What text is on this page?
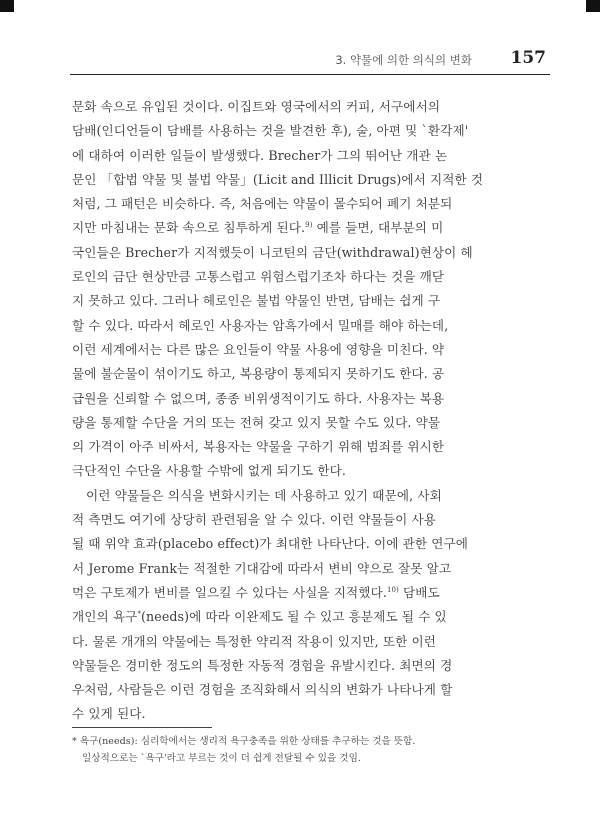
3. 약물에 의한 의식의 변화 157
문화 속으로 유입된 것이다. 이집트와 영국에서의 커피, 서구에서의
담배(인디언들이 담배를 사용하는 것을 발견한 후), 술, 아편 및 `환각제'
에 대하여 이러한 일들이 발생했다. Brecher가 그의 뛰어난 개관 논
문인 「합법 약물 및 불법 약물」(Licit and Illicit Drugs)에서 지적한 것
처럼, 그 패턴은 비슷하다. 즉, 처음에는 약물이 몰수되어 폐기 처분되
지만 마침내는 문화 속으로 침투하게 된다.$^{9)}$ 예를 들면, 대부분의 미
국인들은 Brecher가 지적했듯이 니코틴의 금단(withdrawal)현상이 헤
로인의 금단 현상만큼 고통스럽고 위험스럽기조차 하다는 것을 깨닫
지 못하고 있다. 그러나 헤로인은 불법 약물인 반면, 담배는 쉽게 구
할 수 있다. 따라서 헤로인 사용자는 암흑가에서 밀매를 해야 하는데,
이런 세계에서는 다른 많은 요인들이 약물 사용에 영향을 미친다. 약
물에 불순물이 섞이기도 하고, 복용량이 통제되지 못하기도 한다. 공
급원을 신뢰할 수 없으며, 종종 비위생적이기도 하다. 사용자는 복용
량을 통제할 수단을 거의 또는 전혀 갖고 있지 못할 수도 있다. 약물
의 가격이 아주 비싸서, 복용자는 약물을 구하기 위해 범죄를 위시한
극단적인 수단을 사용할 수밖에 없게 되기도 한다.
이런 약물들은 의식을 변화시키는 데 사용하고 있기 때문에, 사회
적 측면도 여기에 상당히 관련됨을 알 수 있다. 이런 약물들이 사용
될 때 위약 효과(placebo effect)가 최대한 나타난다. 이에 관한 연구에
서 Jerome Frank는 적절한 기대감에 따라서 변비 약으로 잘못 알고
먹은 구토제가 변비를 일으킬 수 있다는 사실을 지적했다.$^{10)}$ 담배도
개인의 욕구*(needs)에 따라 이완제도 될 수 있고 흥분제도 될 수 있
다. 물론 개개의 약물에는 특정한 약리적 작용이 있지만, 또한 이런
약물들은 경미한 정도의 특정한 자동적 경험을 유발시킨다. 최면의 경
우처럼, 사람들은 이런 경험을 조직화해서 의식의 변화가 나타나게 할
수 있게 된다.
* 욕구(needs): 심리학에서는 생리적 욕구충족을 위한 상태를 추구하는 것을 뜻함.
일상적으로는 `욕구'라고 부르는 것이 더 쉽게 전달될 수 있을 것임.
